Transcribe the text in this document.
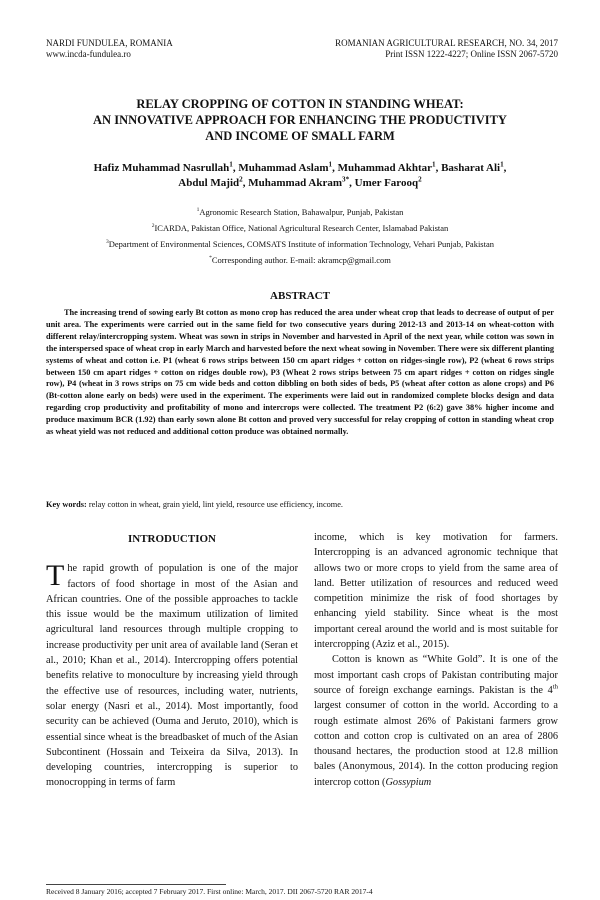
NARDI FUNDULEA, ROMANIA
www.incda-fundulea.ro
ROMANIAN AGRICULTURAL RESEARCH, NO. 34, 2017
Print ISSN 1222-4227; Online ISSN 2067-5720
RELAY CROPPING OF COTTON IN STANDING WHEAT:
AN INNOVATIVE APPROACH FOR ENHANCING THE PRODUCTIVITY
AND INCOME OF SMALL FARM
Hafiz Muhammad Nasrullah$^1$, Muhammad Aslam$^1$, Muhammad Akhtar$^1$, Basharat Ali$^1$,
Abdul Majid$^2$, Muhammad Akram$^{3*}$, Umer Farooq$^2$
$^1$Agronomic Research Station, Bahawalpur, Punjab, Pakistan
$^2$ICARDA, Pakistan Office, National Agricultural Research Center, Islamabad Pakistan
$^3$Department of Environmental Sciences, COMSATS Institute of information Technology, Vehari Punjab, Pakistan
*Corresponding author. E-mail: akramcp@gmail.com
ABSTRACT

The increasing trend of sowing early Bt cotton as mono crop has reduced the area under wheat crop that leads to decrease of output of per unit area. The experiments were carried out in the same field for two consecutive years during 2012-13 and 2013-14 on wheat-cotton with different relay/intercropping system. Wheat was sown in strips in November and harvested in April of the next year, while cotton was sown in the interspersed space of wheat crop in early March and harvested before the next wheat sowing in November. There were six different planting systems of wheat and cotton i.e. P1 (wheat 6 rows strips between 150 cm apart ridges + cotton on ridges-single row), P2 (wheat 6 rows strips between 150 cm apart ridges + cotton on ridges double row), P3 (Wheat 2 rows strips between 75 cm apart ridges + cotton on ridges single row), P4 (wheat in 3 rows strips on 75 cm wide beds and cotton dibbling on both sides of beds, P5 (wheat after cotton as alone crops) and P6 (Bt-cotton alone early on beds) were used in the experiment. The experiments were laid out in randomized complete blocks design and data regarding crop productivity and profitability of mono and intercrops were collected. The treatment P2 (6:2) gave 38% higher income and produce maximum BCR (1.92) than early sown alone Bt cotton and proved very successful for relay cropping of cotton in standing wheat crop as wheat yield was not reduced and additional cotton produce was obtained normally.

Key words: relay cotton in wheat, grain yield, lint yield, resource use efficiency, income.
INTRODUCTION

The rapid growth of population is one of the major factors of food shortage in most of the Asian and African countries. One of the possible approaches to tackle this issue would be the maximum utilization of limited agricultural land resources through multiple cropping to increase productivity per unit area of available land (Seran et al., 2010; Khan et al., 2014). Intercropping offers potential benefits relative to monoculture by increasing yield through the effective use of resources, including water, nutrients, solar energy (Nasri et al., 2014). Most importantly, food security can be achieved (Ouma and Jeruto, 2010), which is essential since wheat is the breadbasket of much of the Asian Subcontinent (Hossain and Teixeira da Silva, 2013). In developing countries, intercropping is superior to monocropping in terms of farm

income, which is key motivation for farmers. Intercropping is an advanced agronomic technique that allows two or more crops to yield from the same area of land. Better utilization of resources and reduced weed competition minimize the risk of food shortages by enhancing yield stability. Since wheat is the most important cereal around the world and is most suitable for intercropping (Aziz et al., 2015).

Cotton is known as “White Gold”. It is one of the most important cash crops of Pakistan contributing major source of foreign exchange earnings. Pakistan is the 4th largest consumer of cotton in the world. According to a rough estimate almost 26% of Pakistani farmers grow cotton and cotton crop is cultivated on an area of 2806 thousand hectares, the production stood at 12.8 million bales (Anonymous, 2014). In the cotton producing region intercrop cotton (Gossypium

Received 8 January 2016; accepted 7 February 2017. First online: March, 2017. DII 2067-5720 RAR 2017-4
